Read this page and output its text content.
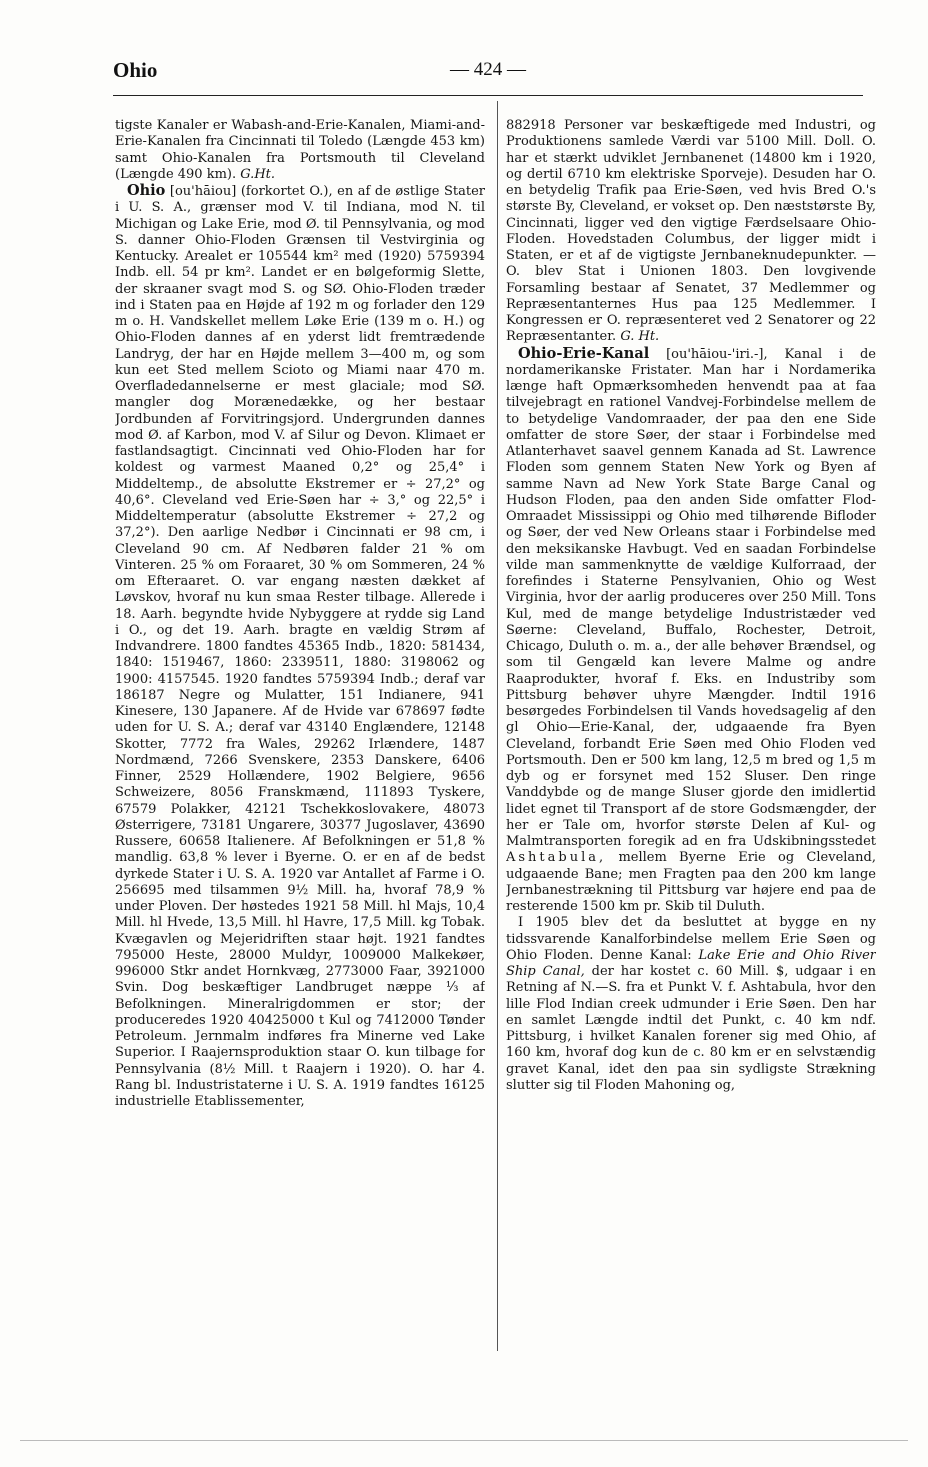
Ohio	— 424 —

tigste Kanaler er Wabash-and-Erie-Kanalen, Miami-and-Erie-Kanalen fra Cincinnati til Toledo (Længde 453 km) samt Ohio-Kanalen fra Portsmouth til Cleveland (Længde 490 km). G.Ht.

Ohio [ou'hāiou] (forkortet O.), en af de østlige Stater i U. S. A., grænser mod V. til Indiana, mod N. til Michigan og Lake Erie, mod Ø. til Pennsylvania, og mod S. danner Ohio-Floden Grænsen til Vestvirginia og Kentucky. Arealet er 105544 km² med (1920) 5759394 Indb. ell. 54 pr km². Landet er en bølgeformig Slette, der skraaner svagt mod S. og SØ. Ohio-Floden træder ind i Staten paa en Højde af 192 m og forlader den 129 m o. H. Vandskellet mellem Løke Erie (139 m o. H.) og Ohio-Floden dannes af en yderst lidt fremtrædende Landryg, der har en Højde mellem 3—400 m, og som kun eet Sted mellem Scioto og Miami naar 470 m. Overfladedannelserne er mest glaciale; mod SØ. mangler dog Morænedække, og her bestaar Jordbunden af Forvitringsjord. Undergrunden dannes mod Ø. af Karbon, mod V. af Silur og Devon. Klimaet er fastlandsagtigt. Cincinnati ved Ohio-Floden har for koldest og varmest Maaned 0,2° og 25,4° i Middeltemp., de absolutte Ekstremer er ÷ 27,2° og 40,6°. Cleveland ved Erie-Søen har ÷ 3,° og 22,5° i Middeltemperatur (absolutte Ekstremer ÷ 27,2 og 37,2°). Den aarlige Nedbør i Cincinnati er 98 cm, i Cleveland 90 cm. Af Nedbøren falder 21 % om Vinteren. 25 % om Foraaret, 30 % om Sommeren, 24 % om Efteraaret. O. var engang næsten dækket af Løvskov, hvoraf nu kun smaa Rester tilbage. Allerede i 18. Aarh. begyndte hvide Nybyggere at rydde sig Land i O., og det 19. Aarh. bragte en vældig Strøm af Indvandrere. 1800 fandtes 45365 Indb., 1820: 581434, 1840: 1519467, 1860: 2339511, 1880: 3198062 og 1900: 4157545. 1920 fandtes 5759394 Indb.; deraf var 186187 Negre og Mulatter, 151 Indianere, 941 Kinesere, 130 Japanere. Af de Hvide var 678697 fødte uden for U. S. A.; deraf var 43140 Englændere, 12148 Skotter, 7772 fra Wales, 29262 Irlændere, 1487 Nordmænd, 7266 Svenskere, 2353 Danskere, 6406 Finner, 2529 Hollændere, 1902 Belgiere, 9656 Schweizere, 8056 Franskmænd, 111893 Tyskere, 67579 Polakker, 42121 Tschekkoslovakere, 48073 Østerrigere, 73181 Ungarere, 30377 Jugoslaver, 43690 Russere, 60658 Italienere. Af Befolkningen er 51,8 % mandlig. 63,8 % lever i Byerne. O. er en af de bedst dyrkede Stater i U. S. A. 1920 var Antallet af Farme i O. 256695 med tilsammen 9½ Mill. ha, hvoraf 78,9 % under Ploven. Der høstedes 1921 58 Mill. hl Majs, 10,4 Mill. hl Hvede, 13,5 Mill. hl Havre, 17,5 Mill. kg Tobak. Kvægavlen og Mejeridriften staar højt. 1921 fandtes 795000 Heste, 28000 Muldyr, 1009000 Malkekøer, 996000 Stkr andet Hornkvæg, 2773000 Faar, 3921000 Svin. Dog beskæftiger Landbruget næppe ⅓ af Befolkningen. Mineralrigdommen er stor; der produceredes 1920 40425000 t Kul og 7412000 Tønder Petroleum. Jernmalm indføres fra Minerne ved Lake Superior. I Raajernsproduktion staar O. kun tilbage for Pennsylvania (8½ Mill. t Raajern i 1920). O. har 4. Rang bl. Industristaterne i U. S. A. 1919 fandtes 16125 industrielle Etablissementer,

882918 Personer var beskæftigede med Industri, og Produktionens samlede Værdi var 5100 Mill. Doll. O. har et stærkt udviklet Jernbanenet (14800 km i 1920, og dertil 6710 km elektriske Sporveje). Desuden har O. en betydelig Trafik paa Erie-Søen, ved hvis Bred O.'s største By, Cleveland, er vokset op. Den næststørste By, Cincinnati, ligger ved den vigtige Færdselsaare Ohio-Floden. Hovedstaden Columbus, der ligger midt i Staten, er et af de vigtigste Jernbaneknudepunkter. — O. blev Stat i Unionen 1803. Den lovgivende Forsamling bestaar af Senatet, 37 Medlemmer og Repræsentanternes Hus paa 125 Medlemmer. I Kongressen er O. repræsenteret ved 2 Senatorer og 22 Repræsentanter. G. Ht.

Ohio-Erie-Kanal [ou'hāiou-'iri.-], Kanal i de nordamerikanske Fristater. Man har i Nordamerika længe haft Opmærksomheden henvendt paa at faa tilvejebragt en rationel Vandvej-Forbindelse mellem de to betydelige Vandomraader, der paa den ene Side omfatter de store Søer, der staar i Forbindelse med Atlanterhavet saavel gennem Kanada ad St. Lawrence Floden som gennem Staten New York og Byen af samme Navn ad New York State Barge Canal og Hudson Floden, paa den anden Side omfatter Flod-Omraadet Mississippi og Ohio med tilhørende Bifloder og Søer, der ved New Orleans staar i Forbindelse med den meksikanske Havbugt. Ved en saadan Forbindelse vilde man sammenknytte de vældige Kulforraad, der forefindes i Staterne Pensylvanien, Ohio og West Virginia, hvor der aarlig produceres over 250 Mill. Tons Kul, med de mange betydelige Industristæder ved Søerne: Cleveland, Buffalo, Rochester, Detroit, Chicago, Duluth o. m. a., der alle behøver Brændsel, og som til Gengæld kan levere Malme og andre Raaprodukter, hvoraf f. Eks. en Industriby som Pittsburg behøver uhyre Mængder. Indtil 1916 besørgedes Forbindelsen til Vands hovedsagelig af den gl Ohio—Erie-Kanal, der, udgaaende fra Byen Cleveland, forbandt Erie Søen med Ohio Floden ved Portsmouth. Den er 500 km lang, 12,5 m bred og 1,5 m dyb og er forsynet med 152 Sluser. Den ringe Vanddybde og de mange Sluser gjorde den imidlertid lidet egnet til Transport af de store Godsmængder, der her er Tale om, hvorfor største Delen af Kul- og Malmtransporten foregik ad en fra Udskibningsstedet Ashtabula, mellem Byerne Erie og Cleveland, udgaaende Bane; men Fragten paa den 200 km lange Jernbanestrækning til Pittsburg var højere end paa de resterende 1500 km pr. Skib til Duluth.

I 1905 blev det da besluttet at bygge en ny tidssvarende Kanalforbindelse mellem Erie Søen og Ohio Floden. Denne Kanal: Lake Erie and Ohio River Ship Canal, der har kostet c. 60 Mill. $, udgaar i en Retning af N.—S. fra et Punkt V. f. Ashtabula, hvor den lille Flod Indian creek udmunder i Erie Søen. Den har en samlet Længde indtil det Punkt, c. 40 km ndf. Pittsburg, i hvilket Kanalen forener sig med Ohio, af 160 km, hvoraf dog kun de c. 80 km er en selvstændig gravet Kanal, idet den paa sin sydligste Strækning slutter sig til Floden Mahoning og,
